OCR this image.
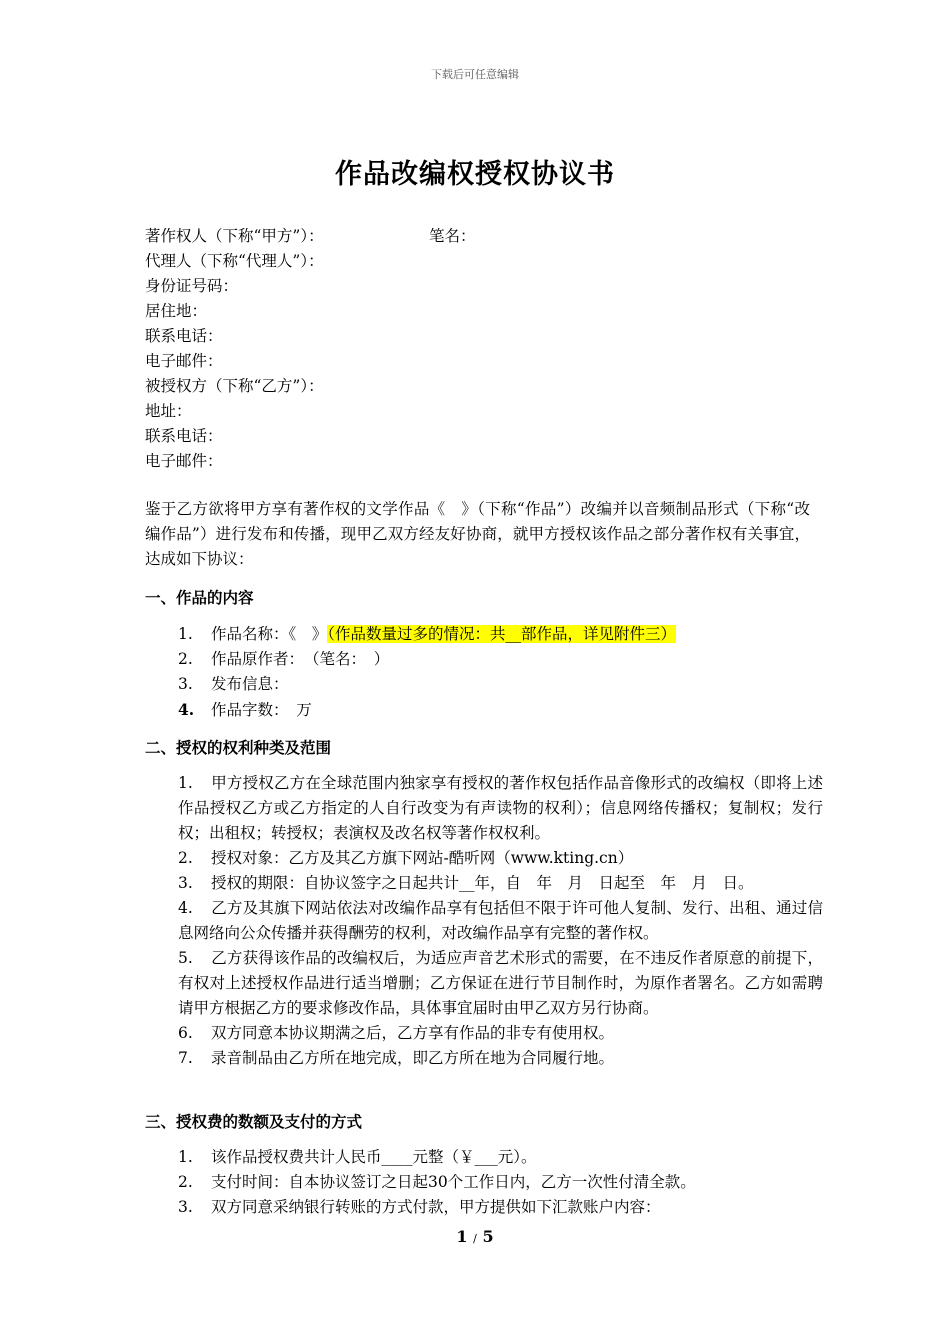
下载后可任意编辑
作品改编权授权协议书
著作权人（下称“甲方”）：	笔名：
代理人（下称“代理人”）：
身份证号码：
居住地：
联系电话：
电子邮件：
被授权方（下称“乙方”）：
地址：
联系电话：
电子邮件：
鉴于乙方欲将甲方享有著作权的文学作品《　》（下称“作品”）改编并以音频制品形式（下称“改编作品”）进行发布和传播，现甲乙双方经友好协商，就甲方授权该作品之部分著作权有关事宜，达成如下协议：
一、作品的内容
1. 作品名称：《　》（作品数量过多的情况：共__部作品，详见附件三）
2. 作品原作者：　（笔名：　）
3. 发布信息：
4. 作品字数：　万
二、授权的权利种类及范围
1. 甲方授权乙方在全球范围内独家享有授权的著作权包括作品音像形式的改编权（即将上述作品授权乙方或乙方指定的人自行改变为有声读物的权利）；信息网络传播权；复制权；发行权；出租权；转授权；表演权及改名权等著作权权利。
2. 授权对象：乙方及其乙方旗下网站-酷听网（www.kting.cn）
3. 授权的期限：自协议签字之日起共计__年，自　年　月　日起至　年　月　日。
4. 乙方及其旗下网站依法对改编作品享有包括但不限于许可他人复制、发行、出租、通过信息网络向公众传播并获得酬劳的权利，对改编作品享有完整的著作权。
5. 乙方获得该作品的改编权后，为适应声音艺术形式的需要，在不违反作者原意的前提下，有权对上述授权作品进行适当增删；乙方保证在进行节目制作时，为原作者署名。乙方如需聘请甲方根据乙方的要求修改作品，具体事宜届时由甲乙双方另行协商。
6. 双方同意本协议期满之后，乙方享有作品的非专有使用权。
7. 录音制品由乙方所在地完成，即乙方所在地为合同履行地。
三、授权费的数额及支付的方式
1. 该作品授权费共计人民币____元整（￥___元）。
2. 支付时间：自本协议签订之日起30个工作日内，乙方一次性付清全款。
3. 双方同意采纳银行转账的方式付款，甲方提供如下汇款账户内容：
1 / 5
